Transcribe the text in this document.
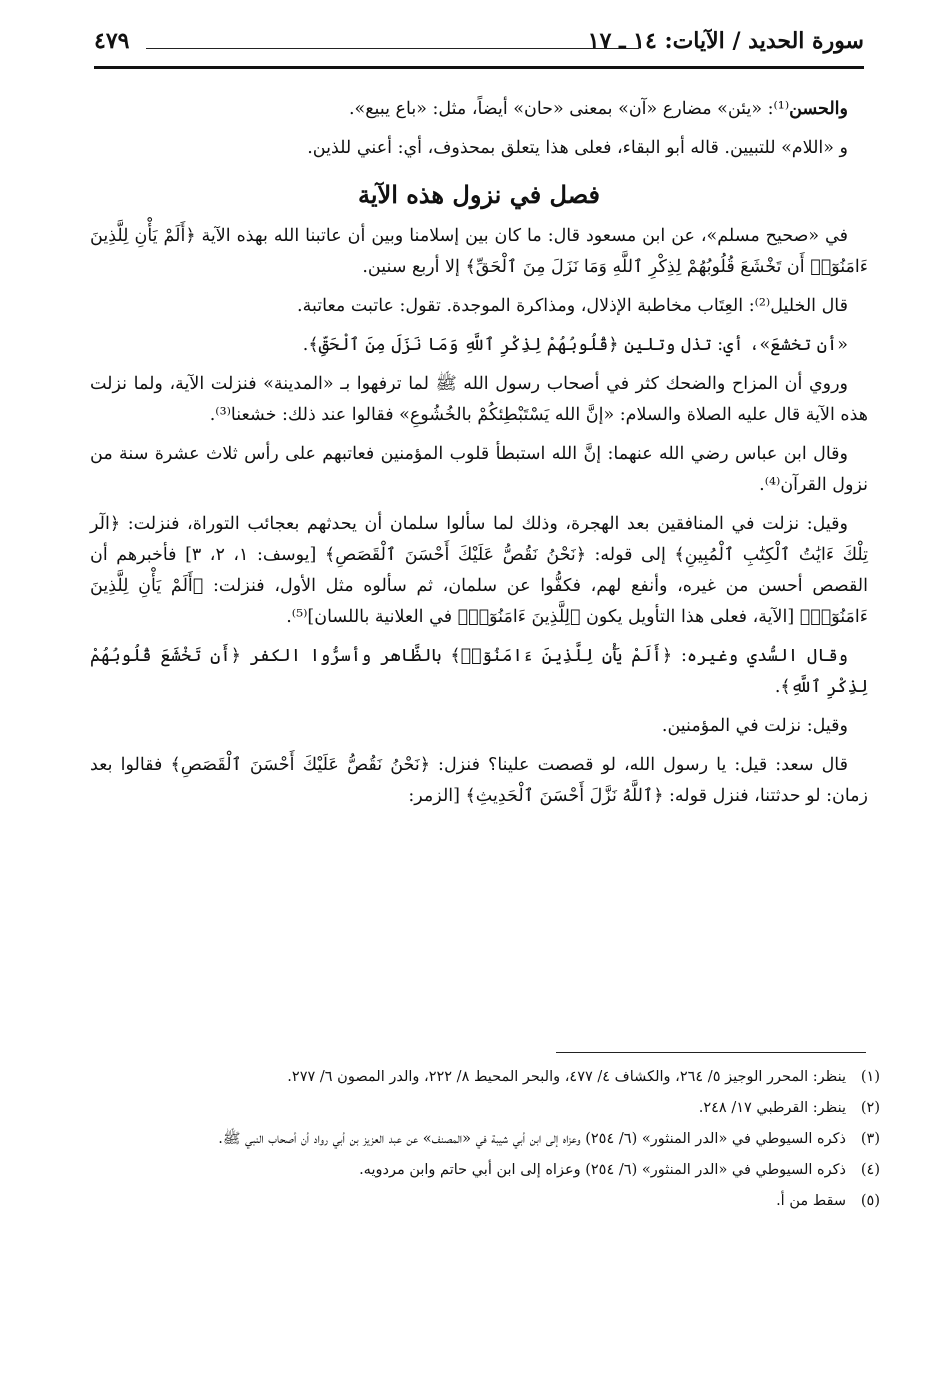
سورة الحديد / الآيات: ١٤ ـ ١٧
٤٧٩

والحسن⁽¹⁾: «يئن» مضارع «آن» بمعنى «حان» أيضاً، مثل: «باع يبيع».

و «اللام» للتبيين. قاله أبو البقاء، فعلى هذا يتعلق بمحذوف، أي: أعني للذين.

فصل في نزول هذه الآية

في «صحيح مسلم»، عن ابن مسعود قال: ما كان بين إسلامنا وبين أن عاتبنا الله بهذه الآية ﴿أَلَمْ يَأْنِ لِلَّذِينَ ءَامَنُوٓا۟ أَن تَخْشَعَ قُلُوبُهُمْ لِذِكْرِ ٱللَّهِ وَمَا نَزَلَ مِنَ ٱلْحَقِّ﴾ إلا أربع سنين.

قال الخليل⁽²⁾: العِتَاب مخاطبة الإذلال، ومذاكرة الموجدة. تقول: عاتبت معاتبة.

«أن تخشعَ»، أي: تذل وتلين ﴿قُلُوبُهُمْ لِذِكْرِ ٱللَّهِ وَمَا نَزَلَ مِنَ ٱلْحَقِّ﴾.

وروي أن المزاح والضحك كثر في أصحاب رسول الله ﷺ لما ترفهوا بـ «المدينة» فنزلت الآية، ولما نزلت هذه الآية قال عليه الصلاة والسلام: «إنَّ الله يَسْتَبْطِئكُمْ بالخُشُوعِ» فقالوا عند ذلك: خشعنا⁽³⁾.

وقال ابن عباس رضي الله عنهما: إنَّ الله استبطأ قلوب المؤمنين فعاتبهم على رأس ثلاث عشرة سنة من نزول القرآن⁽⁴⁾.

وقيل: نزلت في المنافقين بعد الهجرة، وذلك لما سألوا سلمان أن يحدثهم بعجائب التوراة، فنزلت: ﴿الٓر تِلْكَ ءَايَٰتُ ٱلْكِتَٰبِ ٱلْمُبِينِ﴾ إلى قوله: ﴿نَحْنُ نَقُصُّ عَلَيْكَ أَحْسَنَ ٱلْقَصَصِ﴾ [يوسف: ١، ٢، ٣] فأخبرهم أن القصص أحسن من غيره، وأنفع لهم، فكفُّوا عن سلمان، ثم سألوه مثل الأول، فنزلت: ﴿أَلَمْ يَأْنِ لِلَّذِينَ ءَامَنُوٓا۟﴾ [الآية، فعلى هذا التأويل يكون ﴿لِلَّذِينَ ءَامَنُوٓا۟﴾ في العلانية باللسان]⁽⁵⁾.

وقال السُّدي وغيره: ﴿أَلَمْ يَأْنِ لِلَّذِينَ ءَامَنُوٓا۟﴾ بالظَّاهر وأسرُّوا الكفر ﴿أَن تَخْشَعَ قُلُوبُهُمْ لِذِكْرِ ٱللَّهِ﴾.

وقيل: نزلت في المؤمنين.

قال سعد: قيل: يا رسول الله، لو قصصت علينا؟ فنزل: ﴿نَحْنُ نَقُصُّ عَلَيْكَ أَحْسَنَ ٱلْقَصَصِ﴾ فقالوا بعد زمان: لو حدثتنا، فنزل قوله: ﴿ٱللَّهُ نَزَّلَ أَحْسَنَ ٱلْحَدِيثِ﴾ [الزمر:

(١)ينظر: المحرر الوجيز ٥/ ٢٦٤، والكشاف ٤/ ٤٧٧، والبحر المحيط ٨/ ٢٢٢، والدر المصون ٦/ ٢٧٧.

(٢)ينظر: القرطبي ١٧/ ٢٤٨.

(٣)ذكره السيوطي في «الدر المنثور» (٦/ ٢٥٤) وعزاه إلى ابن أبي شيبة في «المصنف» عن عبد العزيز بن أبي رواد أن أصحاب النبي ﷺ.

(٤)ذكره السيوطي في «الدر المنثور» (٦/ ٢٥٤) وعزاه إلى ابن أبي حاتم وابن مردويه.

(٥)سقط من أ.
